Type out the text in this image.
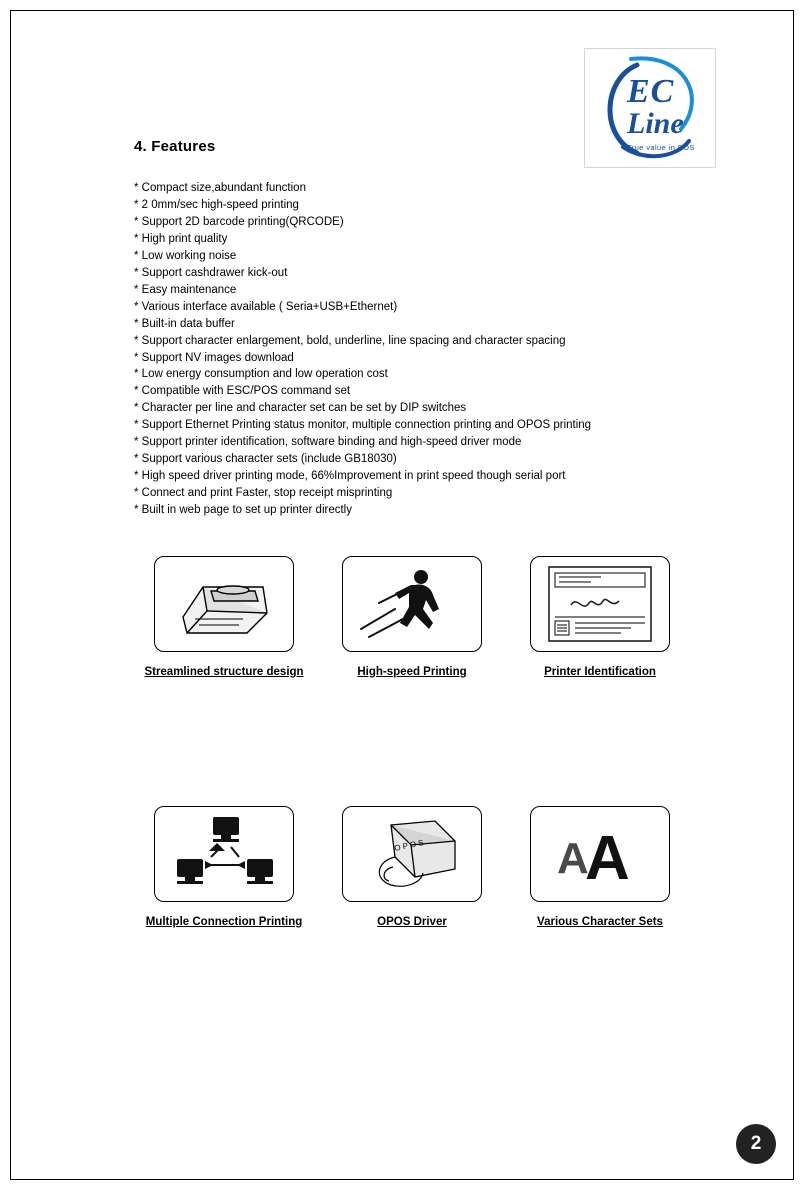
EC
Line
True value in POS
4. Features
* Compact size,abundant function
* 2 0mm/sec high-speed printing
* Support 2D barcode printing(QRCODE)
* High print quality
* Low working noise
* Support cashdrawer kick-out
* Easy maintenance
* Various interface available ( Seria+USB+Ethernet)
* Built-in data buffer
* Support character enlargement, bold, underline, line spacing and character spacing
* Support NV images download
* Low energy consumption and low operation cost
* Compatible with ESC/POS command set
* Character per line and character set can be set by DIP switches
* Support Ethernet Printing status monitor, multiple connection printing and OPOS printing
* Support printer identification, software binding and high-speed driver mode
* Support various character sets (include GB18030)
* High speed driver printing mode, 66%Improvement in print speed though serial port
* Connect and print Faster, stop receipt misprinting
* Built in web page to set up printer directly
Streamlined structure design	High-speed Printing	Printer Identification
Multiple Connection Printing
O P O S
OPOS Driver
A
A
Various Character Sets
2
